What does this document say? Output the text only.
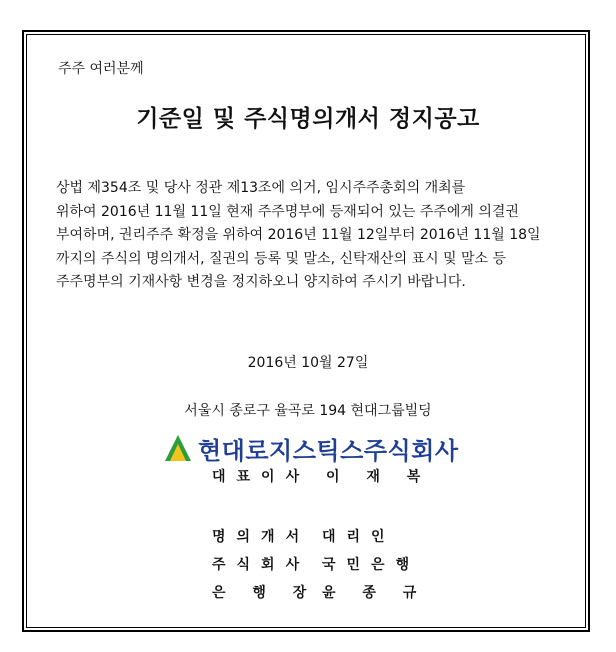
주주 여러분께
기준일 및 주식명의개서 정지공고
상법 제354조 및 당사 정관 제13조에 의거, 임시주주총회의 개최를
위하여 2016년 11월 11일 현재 주주명부에 등재되어 있는 주주에게 의결권
부여하며, 권리주주 확정을 위하여 2016년 11월 12일부터 2016년 11월 18일
까지의 주식의 명의개서, 질권의 등록 및 말소, 신탁재산의 표시 및 말소 등
주주명부의 기재사항 변경을 정지하오니 양지하여 주시기 바랍니다.
2016년 10월 27일
서울시 종로구 율곡로 194 현대그룹빌딩
현대로지스틱스주식회사
대표이사 이 재 복
명의개서 대리인
주식회사 국민은행
은 행 장 윤 종 규
